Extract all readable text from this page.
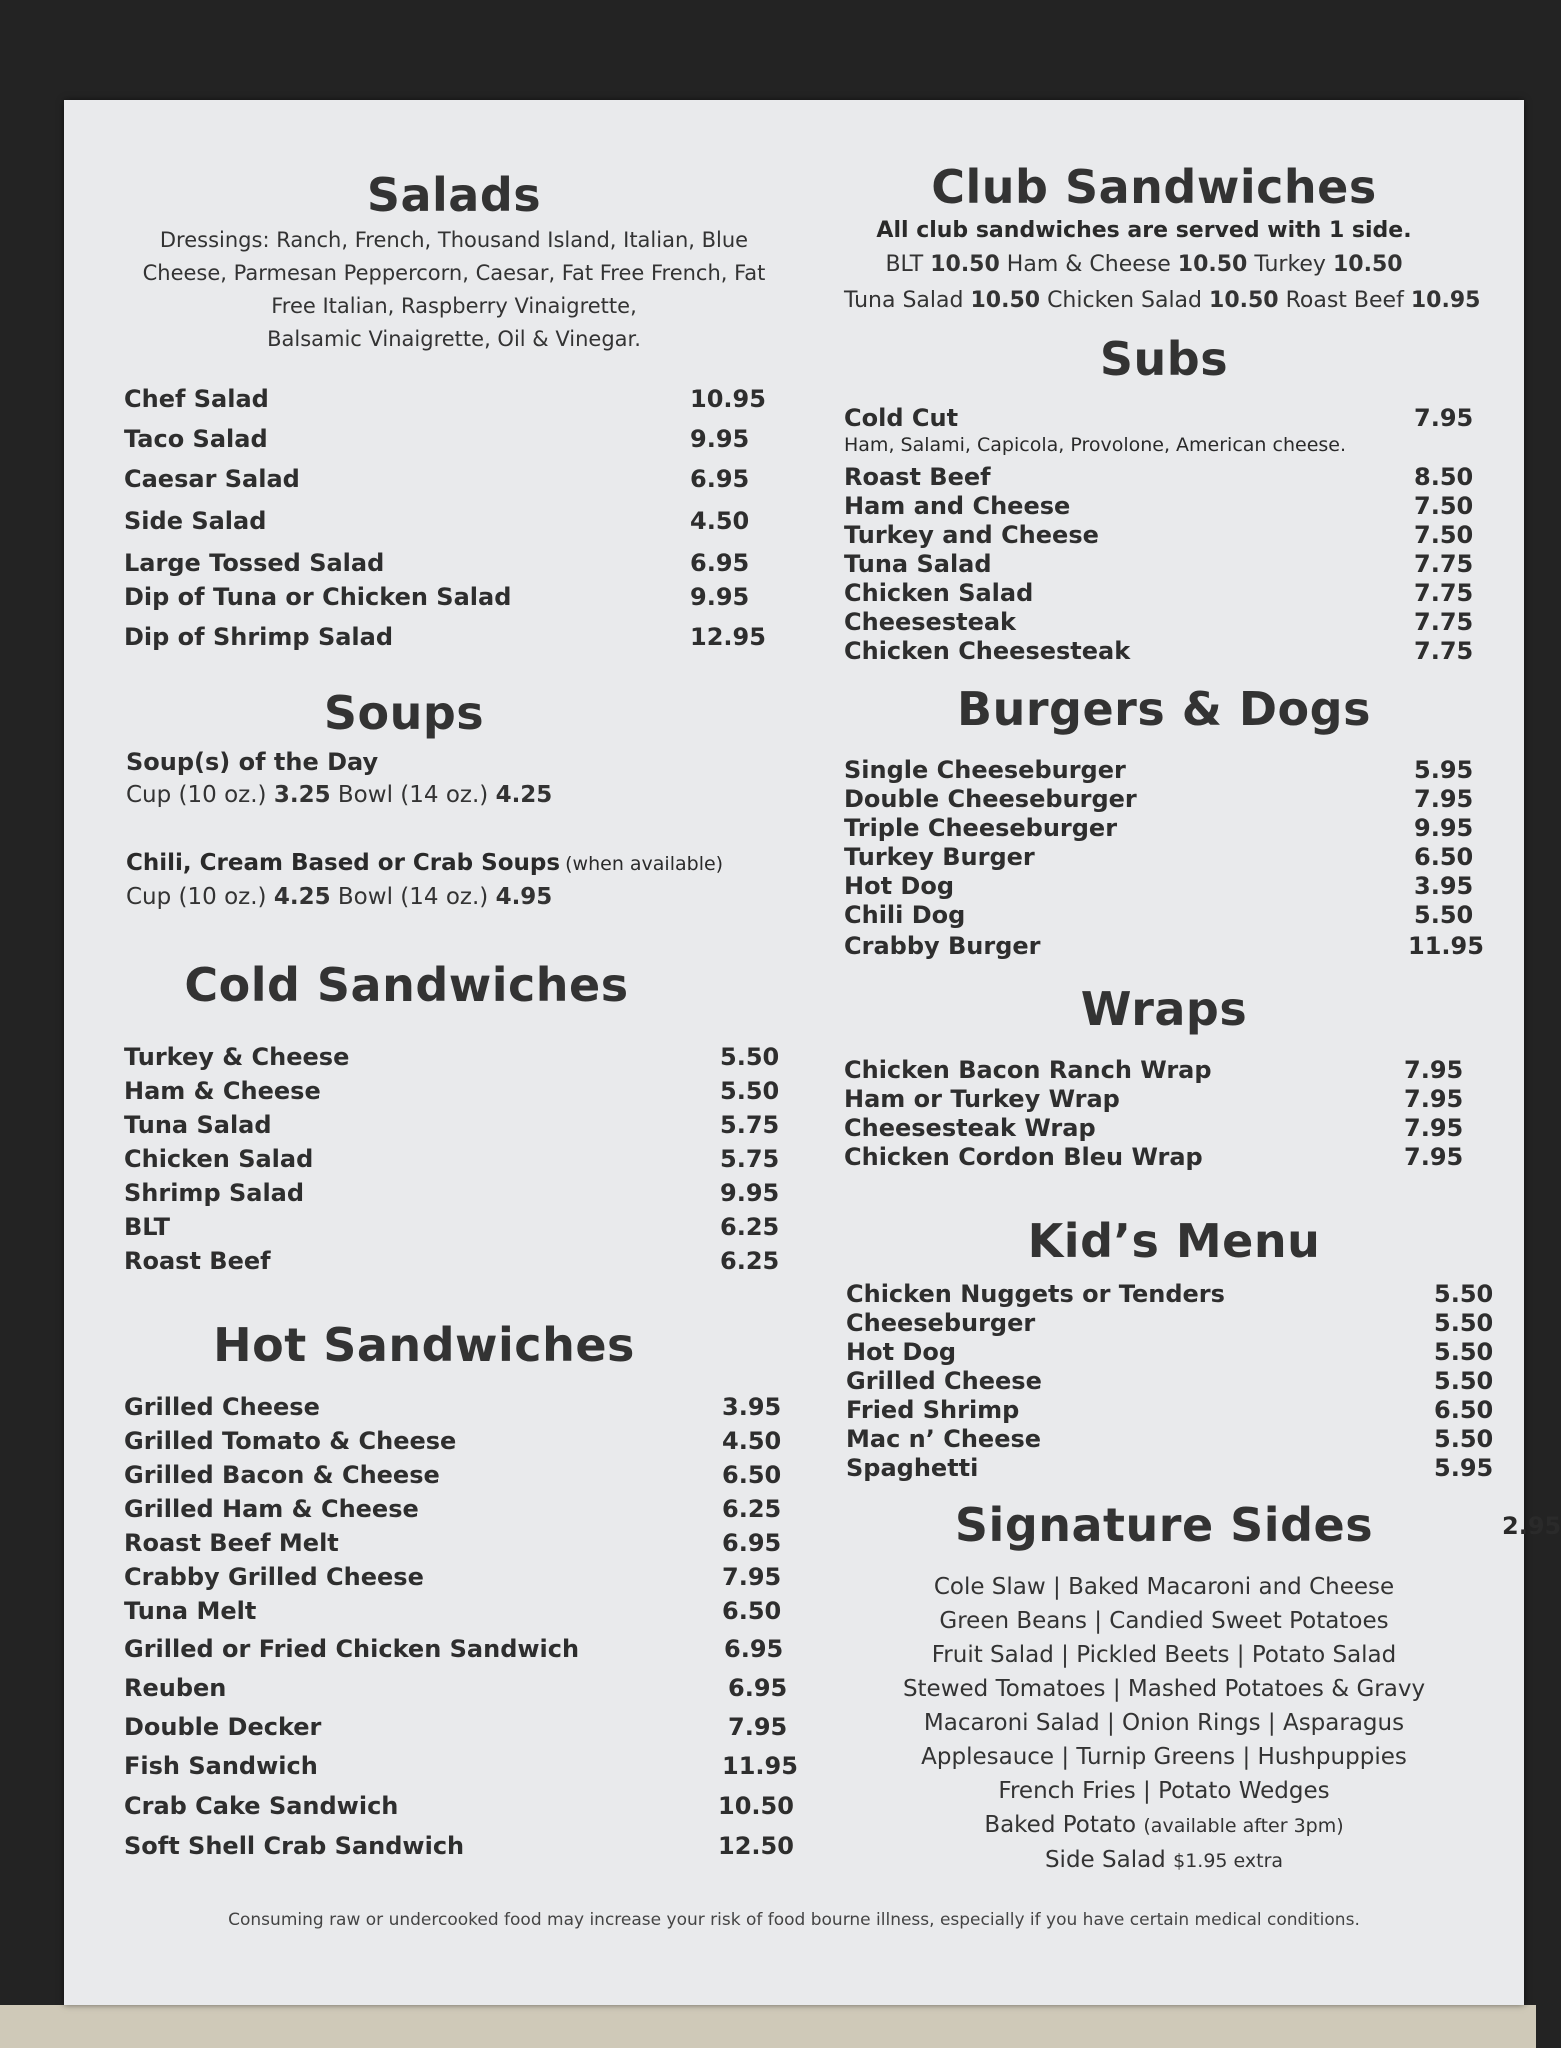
Salads
Dressings: Ranch, French, Thousand Island, Italian, Blue
Cheese, Parmesan Peppercorn, Caesar, Fat Free French, Fat
Free Italian, Raspberry Vinaigrette,
Balsamic Vinaigrette, Oil & Vinegar.
Chef Salad	10.95
Taco Salad	9.95
Caesar Salad	6.95
Side Salad	4.50
Large Tossed Salad	6.95
Dip of Tuna or Chicken Salad	9.95
Dip of Shrimp Salad	12.95
Soups
Soup(s) of the Day
Cup (10 oz.) 3.25 Bowl (14 oz.) 4.25
Chili, Cream Based or Crab Soups (when available)
Cup (10 oz.) 4.25 Bowl (14 oz.) 4.95
Cold Sandwiches
Turkey & Cheese	5.50
Ham & Cheese	5.50
Tuna Salad	5.75
Chicken Salad	5.75
Shrimp Salad	9.95
BLT	6.25
Roast Beef	6.25
Hot Sandwiches
Grilled Cheese	3.95
Grilled Tomato & Cheese	4.50
Grilled Bacon & Cheese	6.50
Grilled Ham & Cheese	6.25
Roast Beef Melt	6.95
Crabby Grilled Cheese	7.95
Tuna Melt	6.50
Grilled or Fried Chicken Sandwich	6.95
Reuben	6.95
Double Decker	7.95
Fish Sandwich	11.95
Crab Cake Sandwich	10.50
Soft Shell Crab Sandwich	12.50
Club Sandwiches
All club sandwiches are served with 1 side.
BLT 10.50 Ham & Cheese 10.50 Turkey 10.50
Tuna Salad 10.50 Chicken Salad 10.50 Roast Beef 10.95
Subs
Cold Cut	7.95
Ham, Salami, Capicola, Provolone, American cheese.
Roast Beef	8.50
Ham and Cheese	7.50
Turkey and Cheese	7.50
Tuna Salad	7.75
Chicken Salad	7.75
Cheesesteak	7.75
Chicken Cheesesteak	7.75
Burgers & Dogs
Single Cheeseburger	5.95
Double Cheeseburger	7.95
Triple Cheeseburger	9.95
Turkey Burger	6.50
Hot Dog	3.95
Chili Dog	5.50
Crabby Burger	11.95
Wraps
Chicken Bacon Ranch Wrap	7.95
Ham or Turkey Wrap	7.95
Cheesesteak Wrap	7.95
Chicken Cordon Bleu Wrap	7.95
Kid’s Menu
Chicken Nuggets or Tenders	5.50
Cheeseburger	5.50
Hot Dog	5.50
Grilled Cheese	5.50
Fried Shrimp	6.50
Mac n’ Cheese	5.50
Spaghetti	5.95
Signature Sides	2.95
Cole Slaw | Baked Macaroni and Cheese
Green Beans | Candied Sweet Potatoes
Fruit Salad | Pickled Beets | Potato Salad
Stewed Tomatoes | Mashed Potatoes & Gravy
Macaroni Salad | Onion Rings | Asparagus
Applesauce | Turnip Greens | Hushpuppies
French Fries | Potato Wedges
Baked Potato (available after 3pm)
Side Salad $1.95 extra
Consuming raw or undercooked food may increase your risk of food bourne illness, especially if you have certain medical conditions.
